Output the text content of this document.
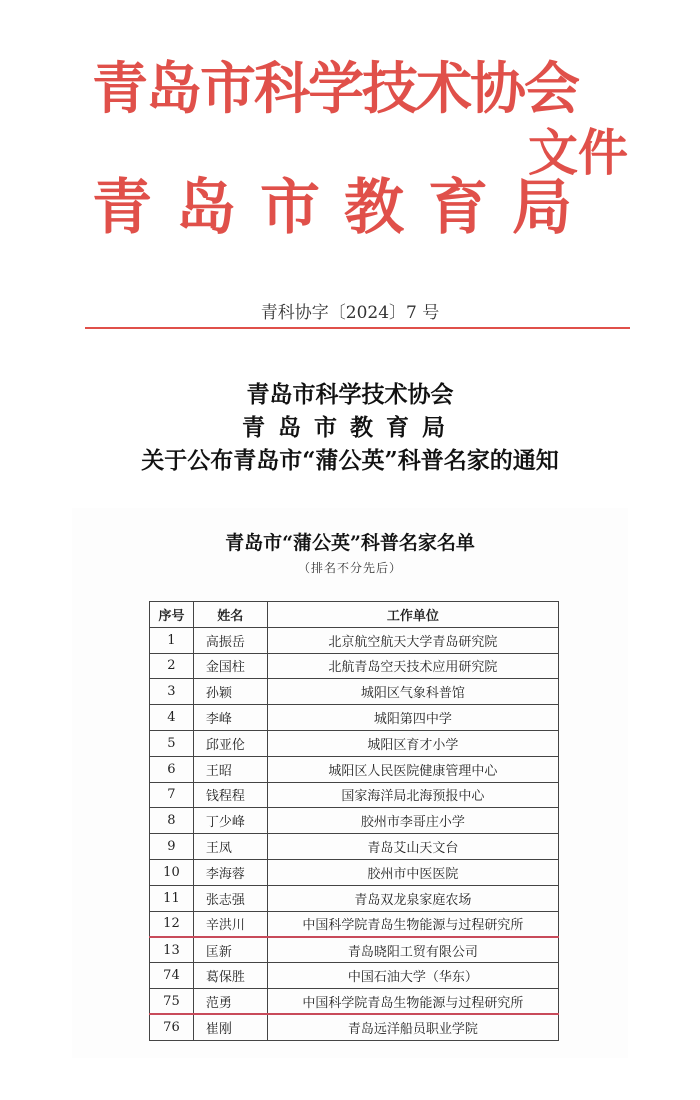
青岛市科学技术协会
青岛市教育局
文件
青科协字〔2024〕7 号
青岛市科学技术协会
青岛市教育局
关于公布青岛市“蒲公英”科普名家的通知
青岛市“蒲公英”科普名家名单
（排名不分先后）
序号	姓名	工作单位
1	高振岳	北京航空航天大学青岛研究院
2	金国柱	北航青岛空天技术应用研究院
3	孙颖	城阳区气象科普馆
4	李峰	城阳第四中学
5	邱亚伦	城阳区育才小学
6	王昭	城阳区人民医院健康管理中心
7	钱程程	国家海洋局北海预报中心
8	丁少峰	胶州市李哥庄小学
9	王凤	青岛艾山天文台
10	李海蓉	胶州市中医医院
11	张志强	青岛双龙泉家庭农场
12	辛洪川	中国科学院青岛生物能源与过程研究所
13	匡新	青岛晓阳工贸有限公司
74	葛保胜	中国石油大学（华东）
75	范勇	中国科学院青岛生物能源与过程研究所
76	崔刚	青岛远洋船员职业学院
